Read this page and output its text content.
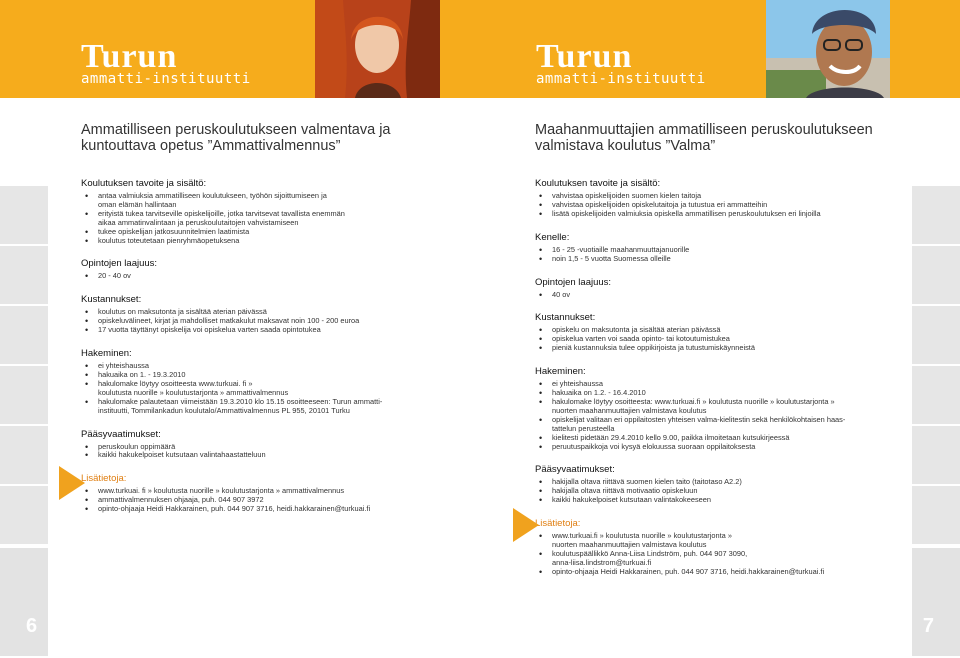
6
Turun
ammatti-instituutti
Ammatilliseen peruskoulutukseen valmentava ja
kuntouttava opetus ”Ammattivalmennus”
Koulutuksen tavoite ja sisältö:
• antaa valmiuksia ammatilliseen koulutukseen, työhön sijoittumiseen ja
oman elämän hallintaan
• erityistä tukea tarvitseville opiskelijoille, jotka tarvitsevat tavallista enemmän
aikaa ammatinvalintaan ja peruskoulutaitojen vahvistamiseen
• tukee opiskelijan jatkosuunnitelmien laatimista
• koulutus toteutetaan pienryhmäopetuksena
Opintojen laajuus:
• 20 - 40 ov
Kustannukset:
• koulutus on maksutonta ja sisältää aterian päivässä
• opiskeluvälineet, kirjat ja mahdolliset matkakulut maksavat noin 100 - 200 euroa
• 17 vuotta täyttänyt opiskelija voi opiskelua varten saada opintotukea
Hakeminen:
• ei yhteishaussa
• hakuaika on 1. - 19.3.2010
• hakulomake löytyy osoitteesta www.turkuai. fi »
koulutusta nuorille » koulutustarjonta » ammattivalmennus
• hakulomake palautetaan viimeistään 19.3.2010 klo 15.15 osoitteeseen: Turun ammatti-
instituutti, Tommilankadun koulutalo/Ammattivalmennus PL 955, 20101 Turku
Pääsyvaatimukset:
• peruskoulun oppimäärä
• kaikki hakukelpoiset kutsutaan valintahaastatteluun
Lisätietoja:
• www.turkuai. fi » koulutusta nuorille » koulutustarjonta » ammattivalmennus
• ammattivalmennuksen ohjaaja, puh. 044 907 3972
• opinto-ohjaaja Heidi Hakkarainen, puh. 044 907 3716, heidi.hakkarainen@turkuai.fi
7
Turun
ammatti-instituutti
Maahanmuuttajien ammatilliseen peruskoulutukseen
valmistava koulutus ”Valma”
Koulutuksen tavoite ja sisältö:
• vahvistaa opiskelijoiden suomen kielen taitoja
• vahvistaa opiskelijoiden opiskelutaitoja ja tutustua eri ammatteihin
• lisätä opiskelijoiden valmiuksia opiskella ammatillisen peruskoulutuksen eri linjoilla
Kenelle:
• 16 - 25 -vuotiaille maahanmuuttajanuorille
• noin 1,5 - 5 vuotta Suomessa olleille
Opintojen laajuus:
• 40 ov
Kustannukset:
• opiskelu on maksutonta ja sisältää aterian päivässä
• opiskelua varten voi saada opinto- tai kotoutumistukea
• pieniä kustannuksia tulee oppikirjoista ja tutustumiskäynneistä
Hakeminen:
• ei yhteishaussa
• hakuaika on 1.2. - 16.4.2010
• hakulomake löytyy osoitteesta: www.turkuai.fi » koulutusta nuorille » koulutustarjonta »
nuorten maahanmuuttajien valmistava koulutus
• opiskelijat valitaan eri oppilaitosten yhteisen valma-kielitestin sekä henkilökohtaisen haas-
tattelun perusteella
• kielitesti pidetään 29.4.2010 kello 9.00, paikka ilmoitetaan kutsukirjeessä
• peruutuspaikkoja voi kysyä elokuussa suoraan oppilaitoksesta
Pääsyvaatimukset:
• hakijalla oltava riittävä suomen kielen taito (taitotaso A2.2)
• hakijalla oltava riittävä motivaatio opiskeluun
• kaikki hakukelpoiset kutsutaan valintakokeeseen
Lisätietoja:
• www.turkuai.fi » koulutusta nuorille » koulutustarjonta »
nuorten maahanmuuttajien valmistava koulutus
• koulutuspäällikkö Anna-Liisa Lindström, puh. 044 907 3090,
anna-liisa.lindstrom@turkuai.fi
• opinto-ohjaaja Heidi Hakkarainen, puh. 044 907 3716, heidi.hakkarainen@turkuai.fi
